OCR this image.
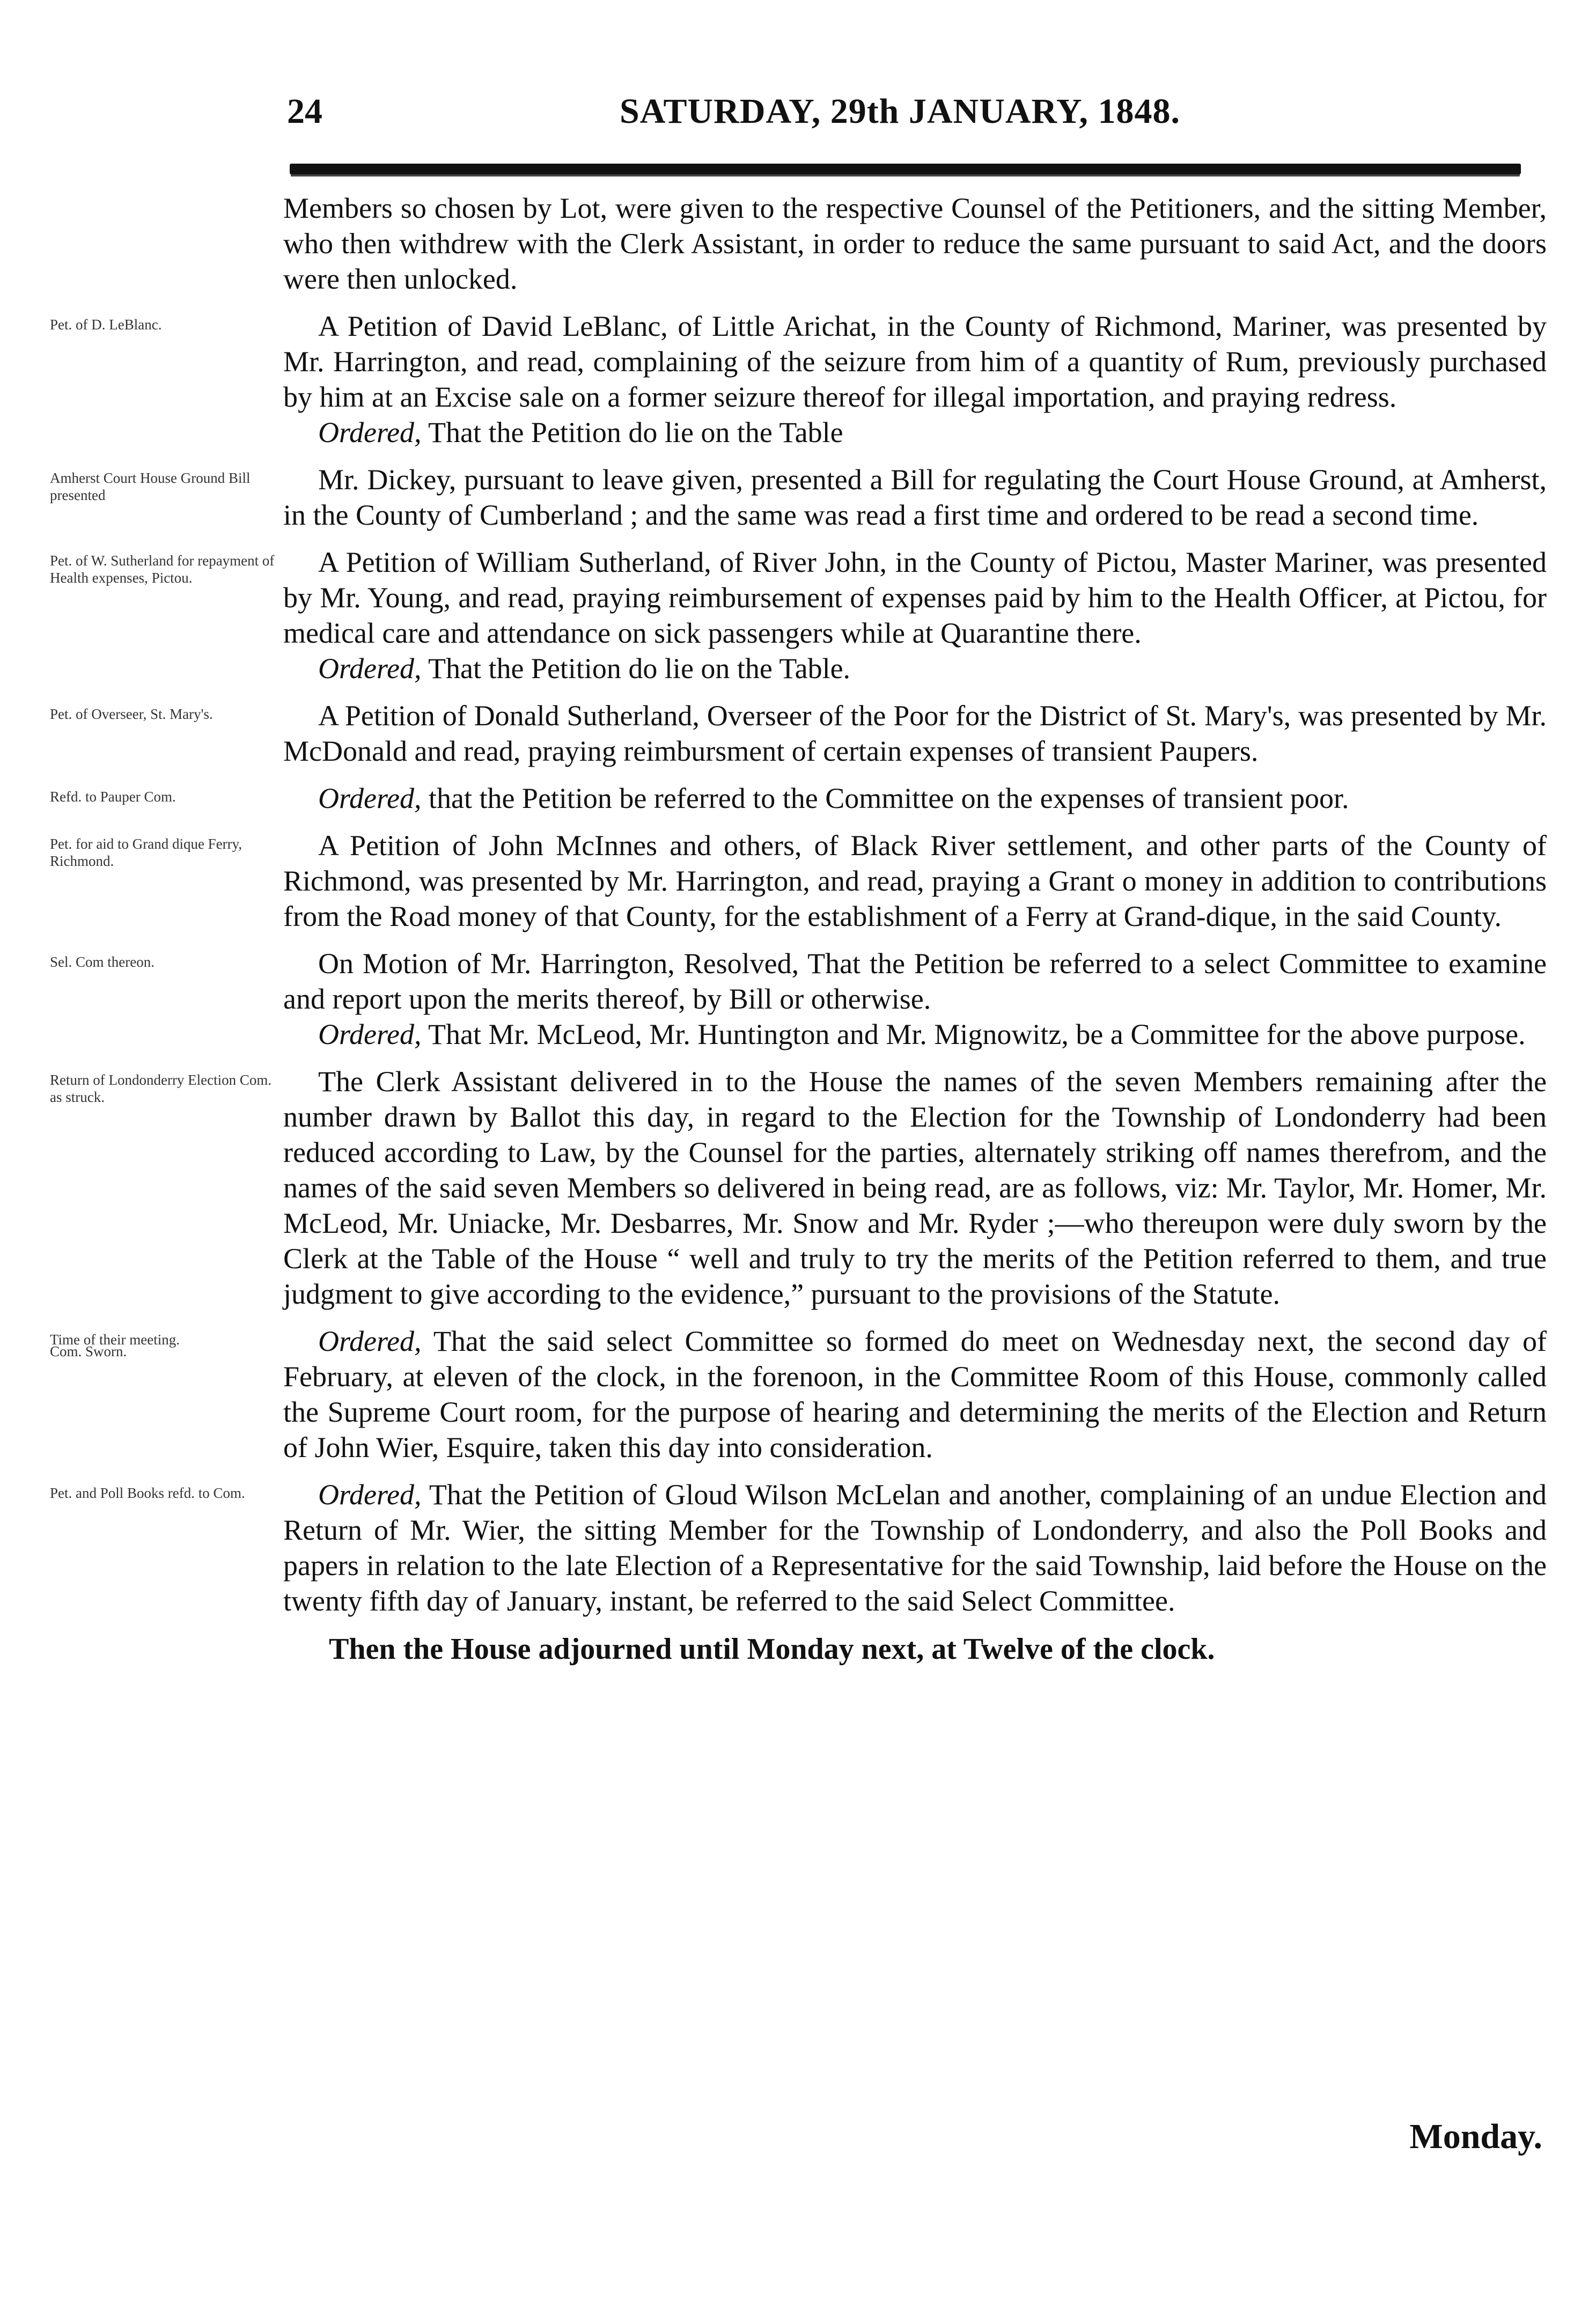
24	SATURDAY, 29th JANUARY, 1848.

Members so chosen by Lot, were given to the respective Counsel of the Petitioners, and the sitting Member, who then withdrew with the Clerk Assistant, in order to reduce the same pursuant to said Act, and the doors were then unlocked.

Pet. of D. LeBlanc.	A Petition of David LeBlanc, of Little Arichat, in the County of Richmond, Mariner, was presented by Mr. Harrington, and read, complaining of the seizure from him of a quantity of Rum, previously purchased by him at an Excise sale on a former seizure thereof for illegal importation, and praying redress.

Ordered, That the Petition do lie on the Table

Amherst Court House Ground Bill presented	Mr. Dickey, pursuant to leave given, presented a Bill for regulating the Court House Ground, at Amherst, in the County of Cumberland ; and the same was read a first time and ordered to be read a second time.

Pet. of W. Sutherland for repayment of Health expenses, Pictou.	A Petition of William Sutherland, of River John, in the County of Pictou, Master Mariner, was presented by Mr. Young, and read, praying reimbursement of expenses paid by him to the Health Officer, at Pictou, for medical care and attendance on sick passengers while at Quarantine there.

Ordered, That the Petition do lie on the Table.

Pet. of Overseer, St. Mary's.	A Petition of Donald Sutherland, Overseer of the Poor for the District of St. Mary's, was presented by Mr. McDonald and read, praying reimbursment of certain expenses of transient Paupers.

Refd. to Pauper Com.	Ordered, that the Petition be referred to the Committee on the expenses of transient poor.

Pet. for aid to Grand dique Ferry, Richmond.	A Petition of John McInnes and others, of Black River settlement, and other parts of the County of Richmond, was presented by Mr. Harrington, and read, praying a Grant o money in addition to contributions from the Road money of that County, for the establishment of a Ferry at Grand-dique, in the said County.

Sel. Com thereon.	On Motion of Mr. Harrington, Resolved, That the Petition be referred to a select Committee to examine and report upon the merits thereof, by Bill or otherwise.

Ordered, That Mr. McLeod, Mr. Huntington and Mr. Mignowitz, be a Committee for the above purpose.

Return of Londonderry Election Com. as struck.	The Clerk Assistant delivered in to the House the names of the seven Members remaining after the number drawn by Ballot this day, in regard to the Election for the Township of Londonderry had been reduced according to Law, by the Counsel for the parties, alternately striking off names therefrom, and the names of the said seven Members so delivered in being read, are as follows, viz: Mr. Taylor, Mr. Homer, Mr. McLeod, Mr. Uniacke, Mr. Desbarres, Mr. Snow and Mr. Ryder ;—who thereupon were duly sworn by the Clerk at the Table of the House “ well and truly to try the merits of the Petition referred to them, and true judgment to give according to the evidence,” pursuant to the provisions of the Statute.

Com. Sworn.
Time of their meeting.	Ordered, That the said select Committee so formed do meet on Wednesday next, the second day of February, at eleven of the clock, in the forenoon, in the Committee Room of this House, commonly called the Supreme Court room, for the purpose of hearing and determining the merits of the Election and Return of John Wier, Esquire, taken this day into consideration.

Pet. and Poll Books refd. to Com.	Ordered, That the Petition of Gloud Wilson McLelan and another, complaining of an undue Election and Return of Mr. Wier, the sitting Member for the Township of Londonderry, and also the Poll Books and papers in relation to the late Election of a Representative for the said Township, laid before the House on the twenty fifth day of January, instant, be referred to the said Select Committee.

Then the House adjourned until Monday next, at Twelve of the clock.

Monday.
